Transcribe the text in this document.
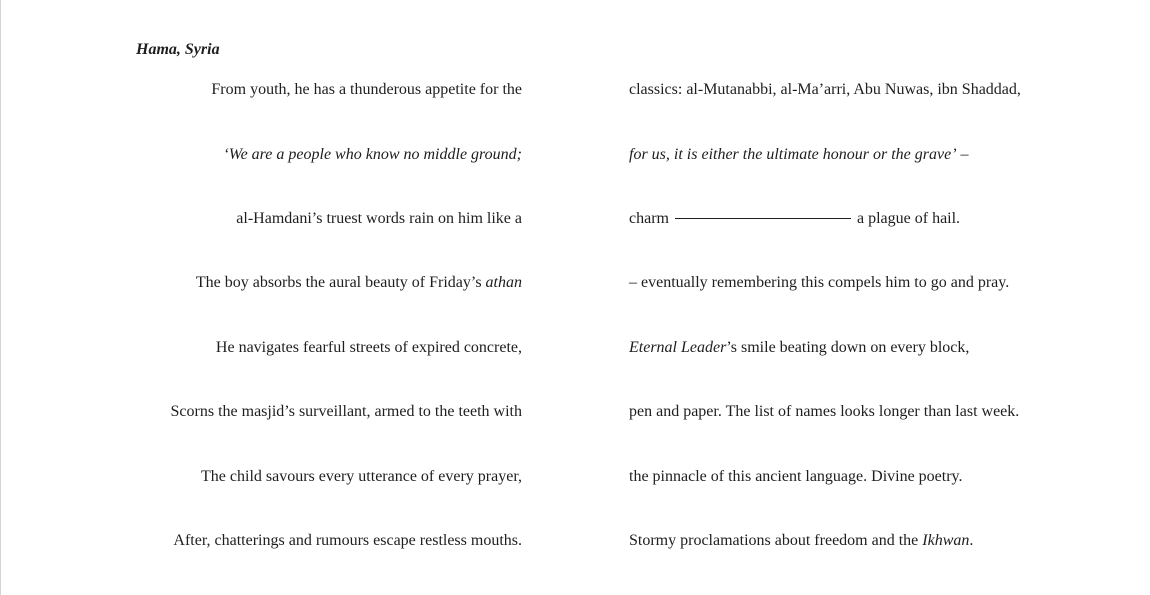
Hama, Syria
From youth, he has a thunderous appetite for the	classics: al-Mutanabbi, al-Ma’arri, Abu Nuwas, ibn Shaddad,
‘We are a people who know no middle ground;	for us, it is either the ultimate honour or the grave’ –
al-Hamdani’s truest words rain on him like a	charm	a plague of hail.
The boy absorbs the aural beauty of Friday’s athan	– eventually remembering this compels him to go and pray.
He navigates fearful streets of expired concrete,	Eternal Leader’s smile beating down on every block,
Scorns the masjid’s surveillant, armed to the teeth with	pen and paper. The list of names looks longer than last week.
The child savours every utterance of every prayer,	the pinnacle of this ancient language. Divine poetry.
After, chatterings and rumours escape restless mouths.	Stormy proclamations about freedom and the Ikhwan.
